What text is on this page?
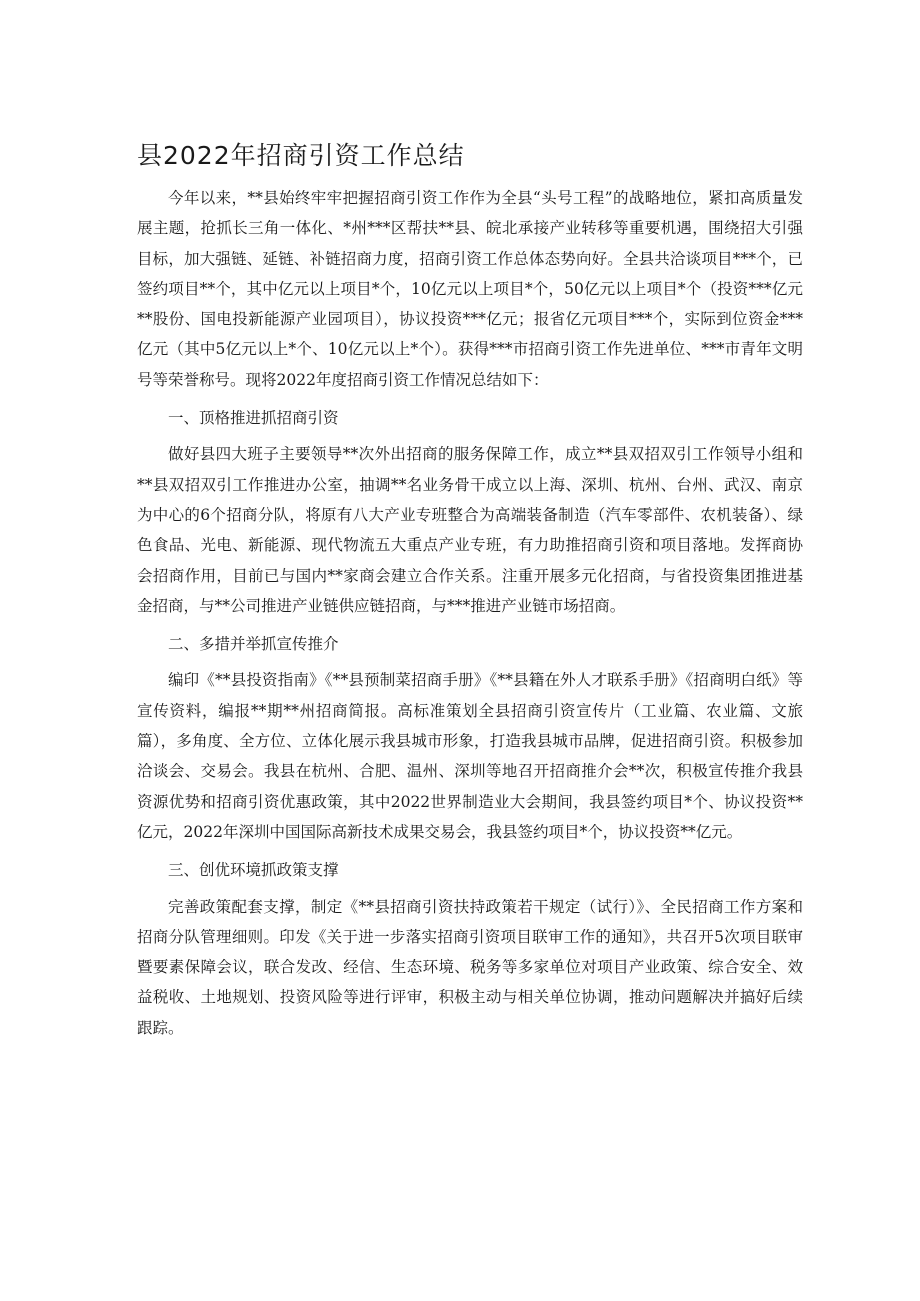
县2022年招商引资工作总结

今年以来，**县始终牢牢把握招商引资工作作为全县“头号工程”的战略地位，紧扣高质量发展主题，抢抓长三角一体化、*州***区帮扶**县、皖北承接产业转移等重要机遇，围绕招大引强目标，加大强链、延链、补链招商力度，招商引资工作总体态势向好。全县共洽谈项目***个，已签约项目**个，其中亿元以上项目*个，10亿元以上项目*个，50亿元以上项目*个（投资***亿元**股份、国电投新能源产业园项目），协议投资***亿元；报省亿元项目***个，实际到位资金***亿元（其中5亿元以上*个、10亿元以上*个）。获得***市招商引资工作先进单位、***市青年文明号等荣誉称号。现将2022年度招商引资工作情况总结如下：

一、顶格推进抓招商引资

做好县四大班子主要领导**次外出招商的服务保障工作，成立**县双招双引工作领导小组和**县双招双引工作推进办公室，抽调**名业务骨干成立以上海、深圳、杭州、台州、武汉、南京为中心的6个招商分队，将原有八大产业专班整合为高端装备制造（汽车零部件、农机装备）、绿色食品、光电、新能源、现代物流五大重点产业专班，有力助推招商引资和项目落地。发挥商协会招商作用，目前已与国内**家商会建立合作关系。注重开展多元化招商，与省投资集团推进基金招商，与**公司推进产业链供应链招商，与***推进产业链市场招商。

二、多措并举抓宣传推介

编印《**县投资指南》《**县预制菜招商手册》《**县籍在外人才联系手册》《招商明白纸》等宣传资料，编报**期**州招商简报。高标准策划全县招商引资宣传片（工业篇、农业篇、文旅篇），多角度、全方位、立体化展示我县城市形象，打造我县城市品牌，促进招商引资。积极参加洽谈会、交易会。我县在杭州、合肥、温州、深圳等地召开招商推介会**次，积极宣传推介我县资源优势和招商引资优惠政策，其中2022世界制造业大会期间，我县签约项目*个、协议投资**亿元，2022年深圳中国国际高新技术成果交易会，我县签约项目*个，协议投资**亿元。

三、创优环境抓政策支撑

完善政策配套支撑，制定《**县招商引资扶持政策若干规定（试行）》、全民招商工作方案和招商分队管理细则。印发《关于进一步落实招商引资项目联审工作的通知》，共召开5次项目联审暨要素保障会议，联合发改、经信、生态环境、税务等多家单位对项目产业政策、综合安全、效益税收、土地规划、投资风险等进行评审，积极主动与相关单位协调，推动问题解决并搞好后续跟踪。
